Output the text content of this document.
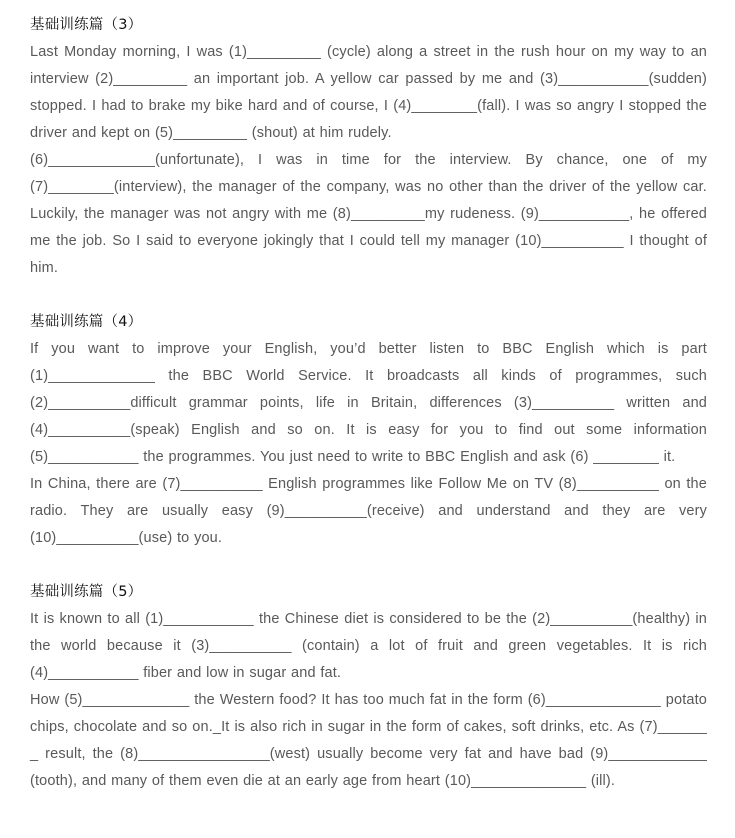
基础训练篇（3）

Last Monday morning, I was (1)_________ (cycle) along a street in the rush hour on my way to an interview (2)_________ an important job. A yellow car passed by me and (3)___________(sudden) stopped. I had to brake my bike hard and of course, I (4)________(fall). I was so angry I stopped the driver and kept on (5)_________ (shout) at him rudely.

(6)_____________(unfortunate), I was in time for the interview. By chance, one of my (7)________(interview), the manager of the company, was no other than the driver of the yellow car. Luckily, the manager was not angry with me (8)_________my rudeness. (9)___________, he offered me the job. So I said to everyone jokingly that I could tell my manager (10)__________ I thought of him.

基础训练篇（4）

If you want to improve your English, you’d better listen to BBC English which is part (1)_____________ the BBC World Service. It broadcasts all kinds of programmes, such (2)__________difficult grammar points, life in Britain, differences (3)__________ written and (4)__________(speak) English and so on. It is easy for you to find out some information (5)___________ the programmes. You just need to write to BBC English and ask (6) ________ it.

In China, there are (7)__________ English programmes like Follow Me on TV (8)__________ on the radio. They are usually easy (9)__________(receive) and understand and they are very (10)__________(use) to you.

基础训练篇（5）

It is known to all (1)___________ the Chinese diet is considered to be the (2)__________(healthy) in the world because it (3)__________ (contain) a lot of fruit and green vegetables. It is rich (4)___________ fiber and low in sugar and fat.

How (5)_____________ the Western food? It has too much fat in the form (6)______________ potato chips, chocolate and so on._It is also rich in sugar in the form of cakes, soft drinks, etc. As (7)______ _ result, the (8)________________(west) usually become very fat and have bad (9)____________ (tooth), and many of them even die at an early age from heart (10)______________ (ill).
